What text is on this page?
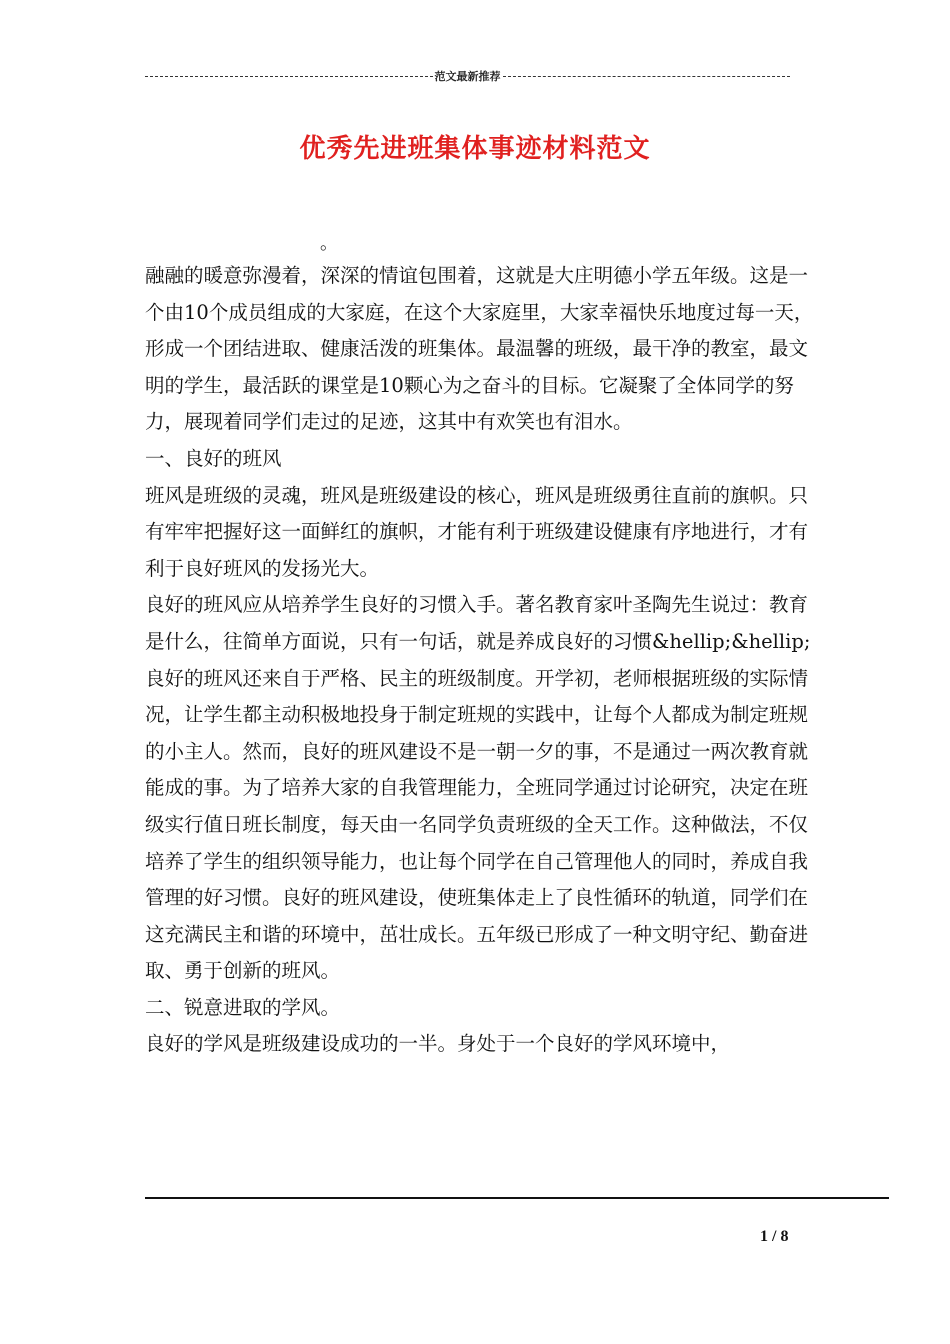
范文最新推荐
优秀先进班集体事迹材料范文
。

融融的暖意弥漫着，深深的情谊包围着，这就是大庄明德小学五年级。这是一个由10个成员组成的大家庭，在这个大家庭里，大家幸福快乐地度过每一天，形成一个团结进取、健康活泼的班集体。最温馨的班级，最干净的教室，最文明的学生，最活跃的课堂是10颗心为之奋斗的目标。它凝聚了全体同学的努力，展现着同学们走过的足迹，这其中有欢笑也有泪水。

一、良好的班风

班风是班级的灵魂，班风是班级建设的核心，班风是班级勇往直前的旗帜。只有牢牢把握好这一面鲜红的旗帜，才能有利于班级建设健康有序地进行，才有利于良好班风的发扬光大。

良好的班风应从培养学生良好的习惯入手。著名教育家叶圣陶先生说过：教育是什么，往简单方面说，只有一句话，就是养成良好的习惯&hellip;&hellip;

良好的班风还来自于严格、民主的班级制度。开学初，老师根据班级的实际情况，让学生都主动积极地投身于制定班规的实践中，让每个人都成为制定班规的小主人。然而，良好的班风建设不是一朝一夕的事，不是通过一两次教育就能成的事。为了培养大家的自我管理能力，全班同学通过讨论研究，决定在班级实行值日班长制度，每天由一名同学负责班级的全天工作。这种做法，不仅培养了学生的组织领导能力，也让每个同学在自己管理他人的同时，养成自我管理的好习惯。良好的班风建设，使班集体走上了良性循环的轨道，同学们在这充满民主和谐的环境中，茁壮成长。五年级已形成了一种文明守纪、勤奋进取、勇于创新的班风。

二、锐意进取的学风。

良好的学风是班级建设成功的一半。身处于一个良好的学风环境中，

1 / 8
